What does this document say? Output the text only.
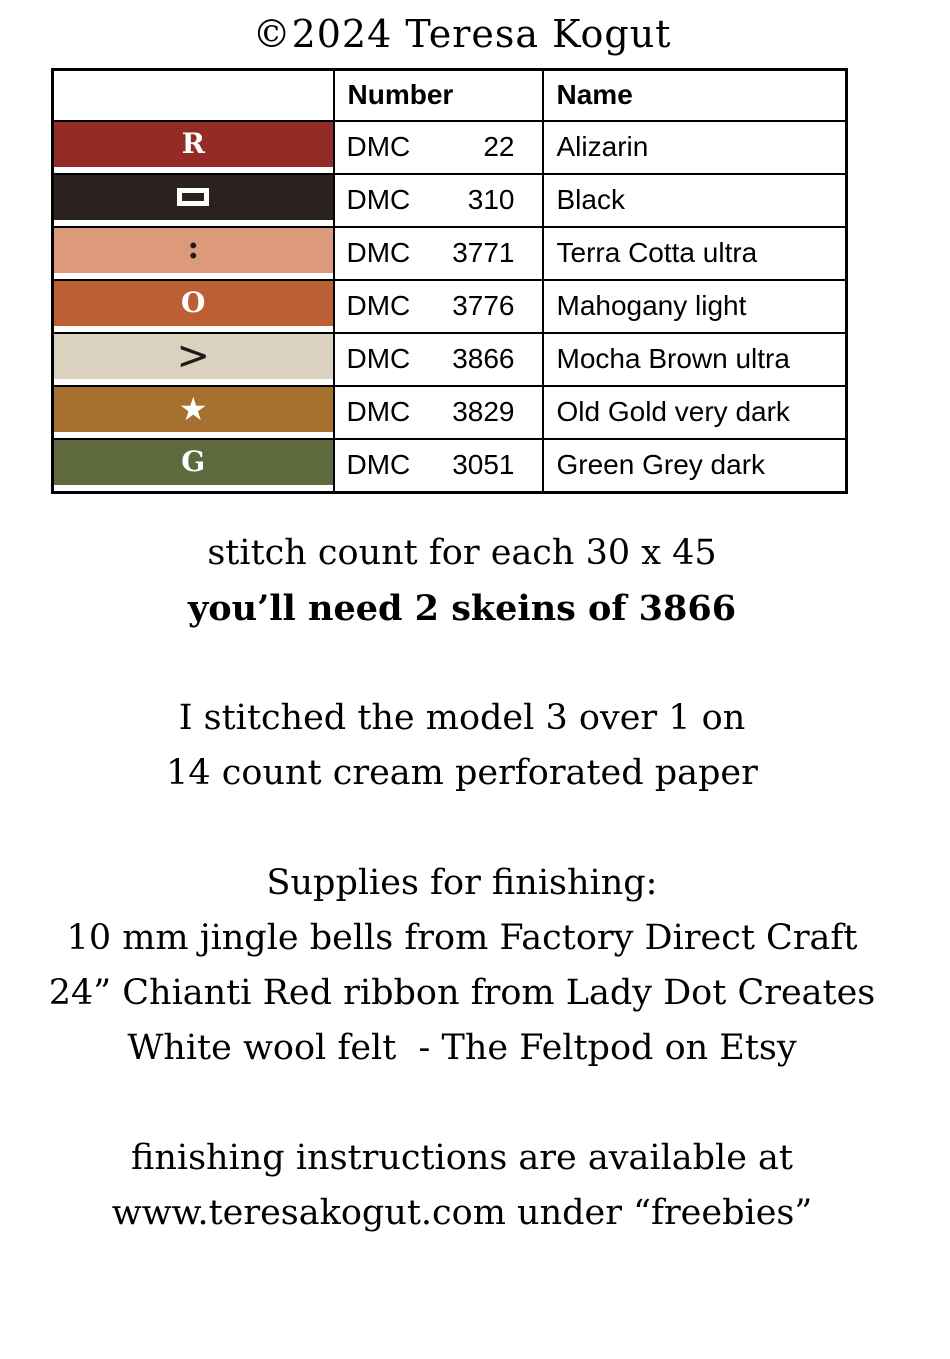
©2024 Teresa Kogut
	Number	Name

R	DMC 22	Alizarin

	DMC 310	Black

:	DMC 3771	Terra Cotta ultra

O	DMC 3776	Mahogany light

>	DMC 3866	Mocha Brown ultra

★	DMC 3829	Old Gold very dark

G	DMC 3051	Green Grey dark
stitch count for each 30 x 45
you’ll need 2 skeins of 3866
I stitched the model 3 over 1 on
14 count cream perforated paper
Supplies for finishing:
10 mm jingle bells from Factory Direct Craft
24” Chianti Red ribbon from Lady Dot Creates
White wool felt  - The Feltpod on Etsy
finishing instructions are available at
www.teresakogut.com under “freebies”
